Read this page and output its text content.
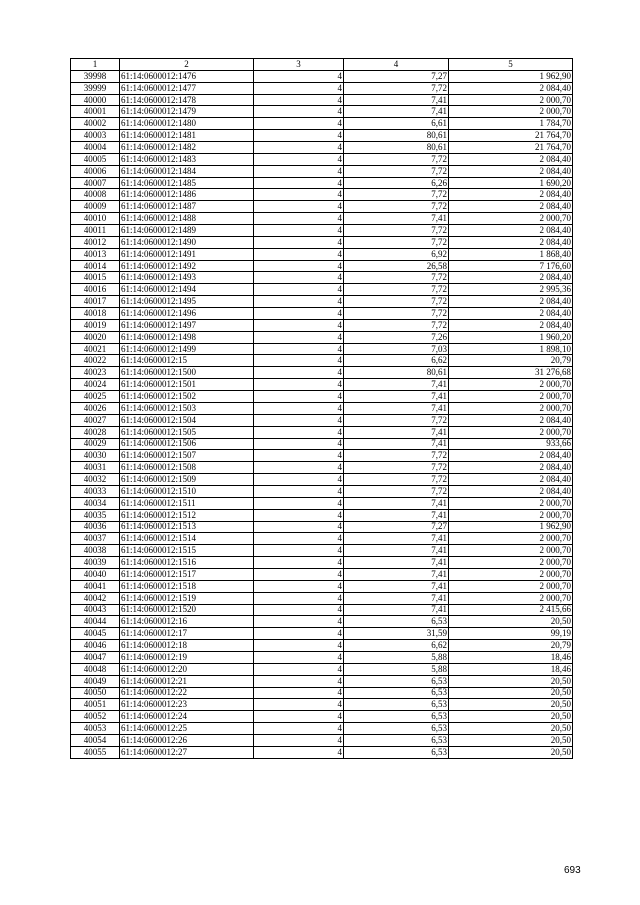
1	2	3	4	5
39998	61:14:0600012:1476	4	7,27	1 962,90
39999	61:14:0600012:1477	4	7,72	2 084,40
40000	61:14:0600012:1478	4	7,41	2 000,70
40001	61:14:0600012:1479	4	7,41	2 000,70
40002	61:14:0600012:1480	4	6,61	1 784,70
40003	61:14:0600012:1481	4	80,61	21 764,70
40004	61:14:0600012:1482	4	80,61	21 764,70
40005	61:14:0600012:1483	4	7,72	2 084,40
40006	61:14:0600012:1484	4	7,72	2 084,40
40007	61:14:0600012:1485	4	6,26	1 690,20
40008	61:14:0600012:1486	4	7,72	2 084,40
40009	61:14:0600012:1487	4	7,72	2 084,40
40010	61:14:0600012:1488	4	7,41	2 000,70
40011	61:14:0600012:1489	4	7,72	2 084,40
40012	61:14:0600012:1490	4	7,72	2 084,40
40013	61:14:0600012:1491	4	6,92	1 868,40
40014	61:14:0600012:1492	4	26,58	7 176,60
40015	61:14:0600012:1493	4	7,72	2 084,40
40016	61:14:0600012:1494	4	7,72	2 995,36
40017	61:14:0600012:1495	4	7,72	2 084,40
40018	61:14:0600012:1496	4	7,72	2 084,40
40019	61:14:0600012:1497	4	7,72	2 084,40
40020	61:14:0600012:1498	4	7,26	1 960,20
40021	61:14:0600012:1499	4	7,03	1 898,10
40022	61:14:0600012:15	4	6,62	20,79
40023	61:14:0600012:1500	4	80,61	31 276,68
40024	61:14:0600012:1501	4	7,41	2 000,70
40025	61:14:0600012:1502	4	7,41	2 000,70
40026	61:14:0600012:1503	4	7,41	2 000,70
40027	61:14:0600012:1504	4	7,72	2 084,40
40028	61:14:0600012:1505	4	7,41	2 000,70
40029	61:14:0600012:1506	4	7,41	933,66
40030	61:14:0600012:1507	4	7,72	2 084,40
40031	61:14:0600012:1508	4	7,72	2 084,40
40032	61:14:0600012:1509	4	7,72	2 084,40
40033	61:14:0600012:1510	4	7,72	2 084,40
40034	61:14:0600012:1511	4	7,41	2 000,70
40035	61:14:0600012:1512	4	7,41	2 000,70
40036	61:14:0600012:1513	4	7,27	1 962,90
40037	61:14:0600012:1514	4	7,41	2 000,70
40038	61:14:0600012:1515	4	7,41	2 000,70
40039	61:14:0600012:1516	4	7,41	2 000,70
40040	61:14:0600012:1517	4	7,41	2 000,70
40041	61:14:0600012:1518	4	7,41	2 000,70
40042	61:14:0600012:1519	4	7,41	2 000,70
40043	61:14:0600012:1520	4	7,41	2 415,66
40044	61:14:0600012:16	4	6,53	20,50
40045	61:14:0600012:17	4	31,59	99,19
40046	61:14:0600012:18	4	6,62	20,79
40047	61:14:0600012:19	4	5,88	18,46
40048	61:14:0600012:20	4	5,88	18,46
40049	61:14:0600012:21	4	6,53	20,50
40050	61:14:0600012:22	4	6,53	20,50
40051	61:14:0600012:23	4	6,53	20,50
40052	61:14:0600012:24	4	6,53	20,50
40053	61:14:0600012:25	4	6,53	20,50
40054	61:14:0600012:26	4	6,53	20,50
40055	61:14:0600012:27	4	6,53	20,50
693
